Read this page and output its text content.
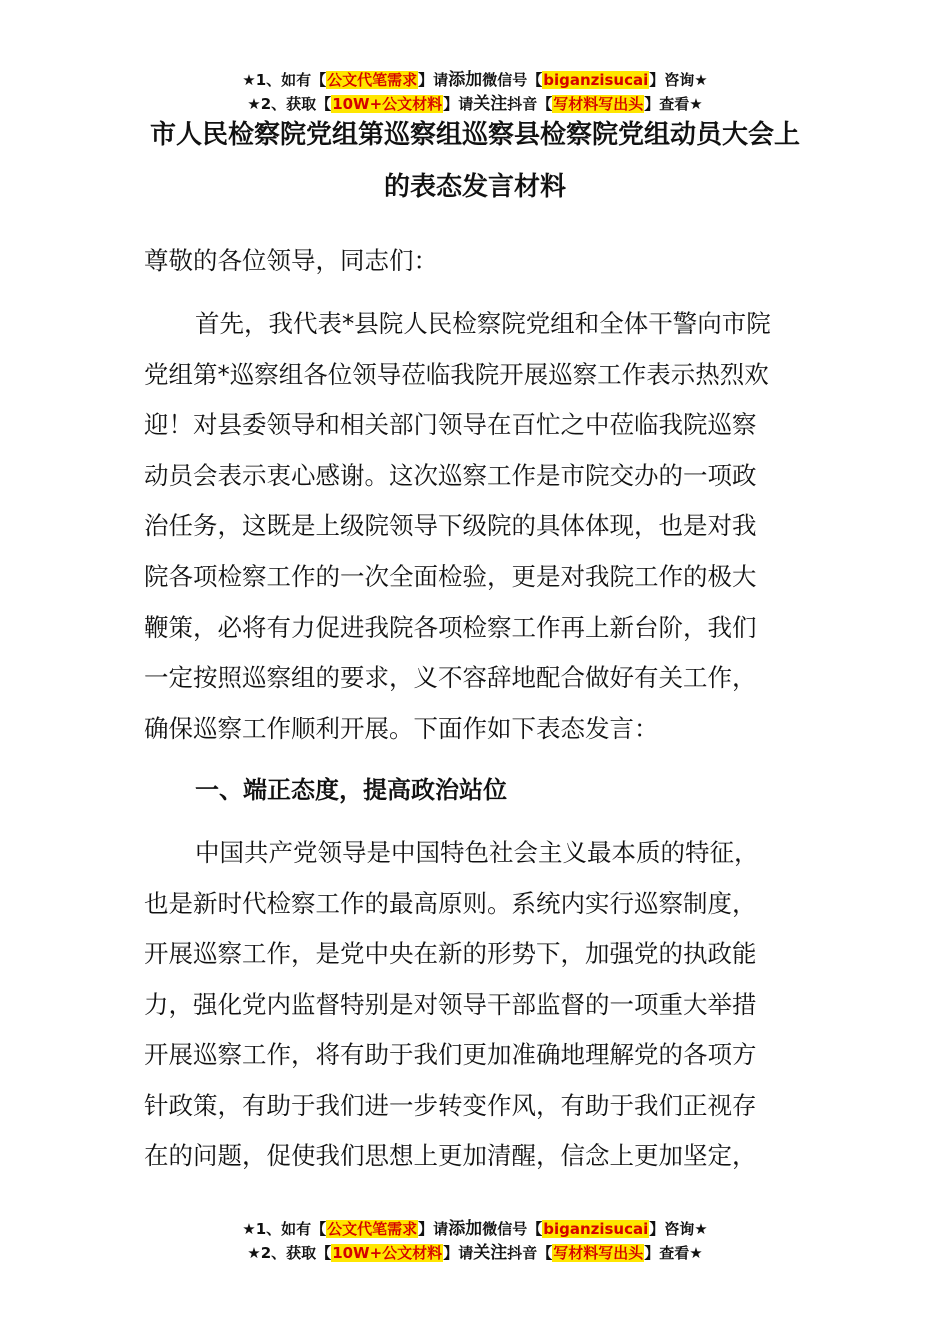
★1、如有【公文代笔需求】请添加微信号【biganzisucai】咨询★
★2、获取【10W+公文材料】请关注抖音【写材料写出头】查看★
市人民检察院党组第巡察组巡察县检察院党组动员大会上
的表态发言材料
尊敬的各位领导，同志们：
首先，我代表*县院人民检察院党组和全体干警向市院
党组第*巡察组各位领导莅临我院开展巡察工作表示热烈欢
迎！对县委领导和相关部门领导在百忙之中莅临我院巡察
动员会表示衷心感谢。这次巡察工作是市院交办的一项政
治任务，这既是上级院领导下级院的具体体现，也是对我
院各项检察工作的一次全面检验，更是对我院工作的极大
鞭策，必将有力促进我院各项检察工作再上新台阶，我们
一定按照巡察组的要求，义不容辞地配合做好有关工作，
确保巡察工作顺利开展。下面作如下表态发言：
一、端正态度，提高政治站位
中国共产党领导是中国特色社会主义最本质的特征，
也是新时代检察工作的最高原则。系统内实行巡察制度，
开展巡察工作，是党中央在新的形势下，加强党的执政能
力，强化党内监督特别是对领导干部监督的一项重大举措
开展巡察工作，将有助于我们更加准确地理解党的各项方
针政策，有助于我们进一步转变作风，有助于我们正视存
在的问题，促使我们思想上更加清醒，信念上更加坚定，
★1、如有【公文代笔需求】请添加微信号【biganzisucai】咨询★
★2、获取【10W+公文材料】请关注抖音【写材料写出头】查看★
